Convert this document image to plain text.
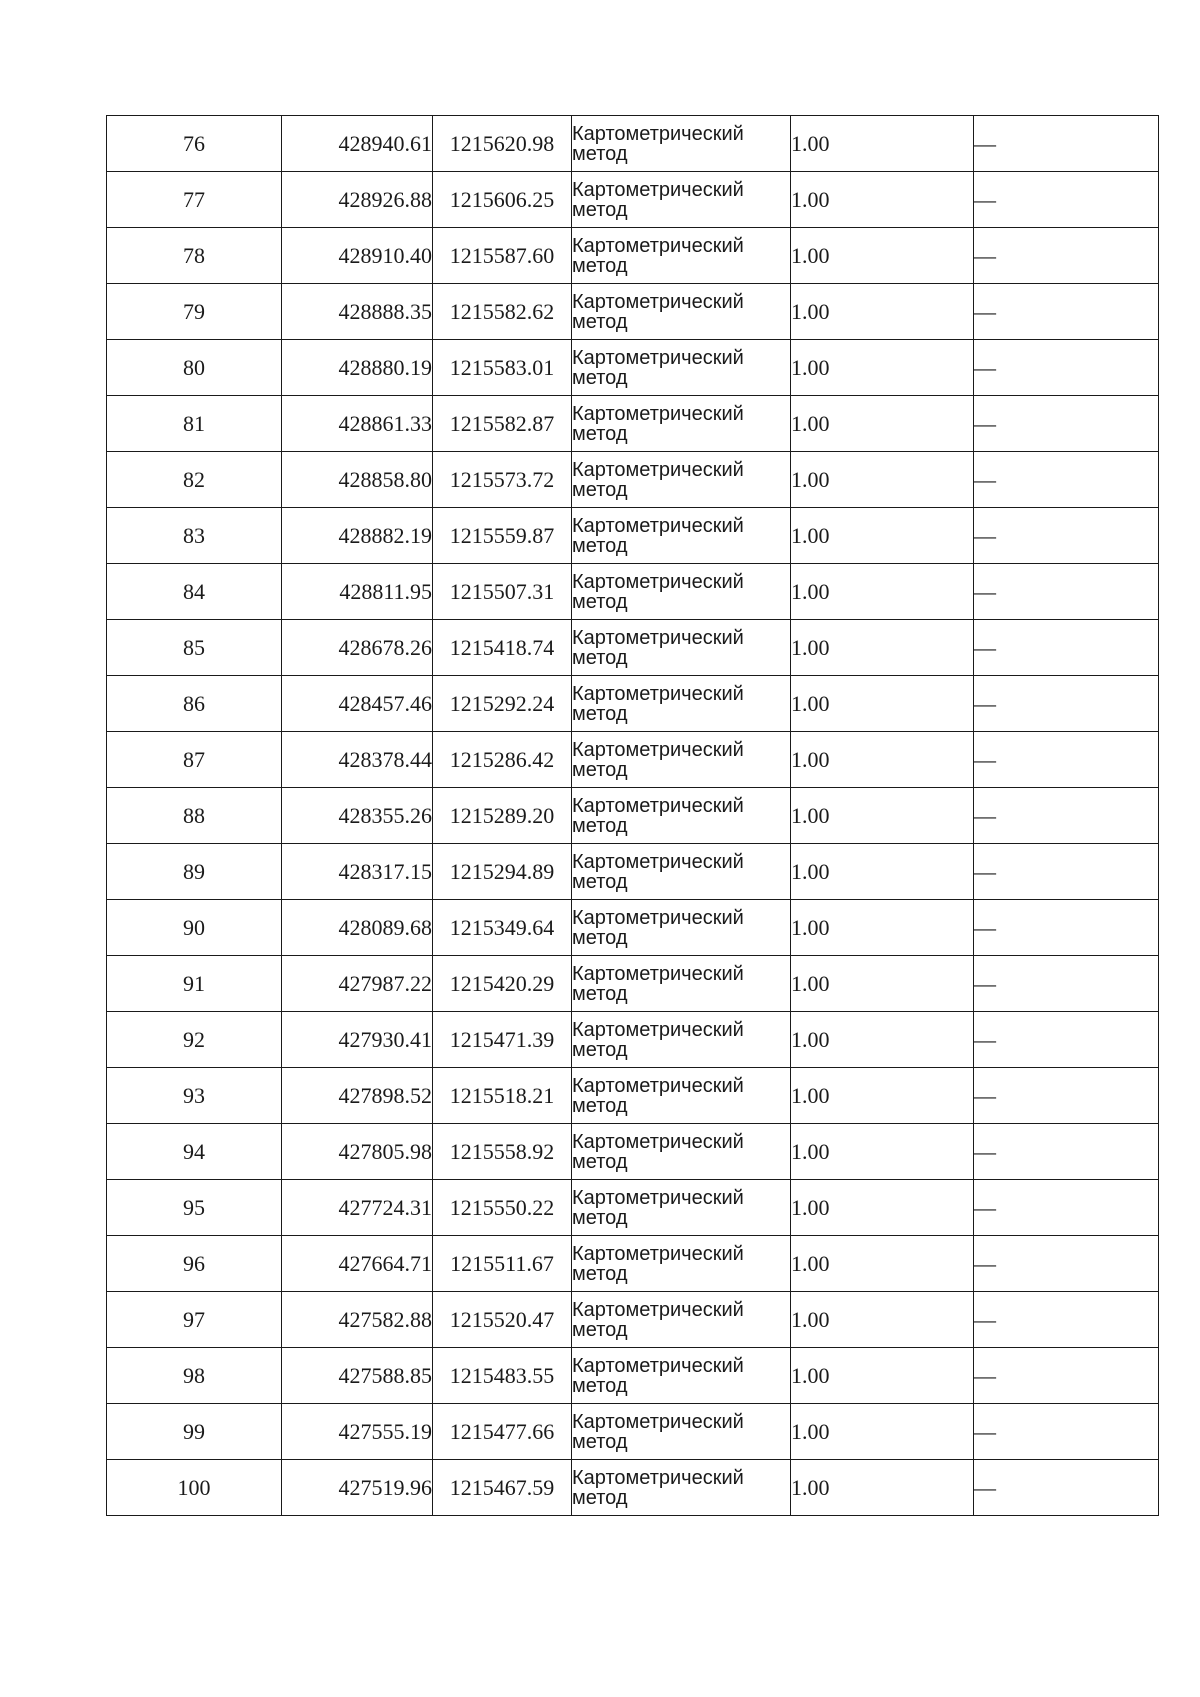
76	428940.61	1215620.98	Картометрический
метод	1.00	—
77	428926.88	1215606.25	Картометрический
метод	1.00	—
78	428910.40	1215587.60	Картометрический
метод	1.00	—
79	428888.35	1215582.62	Картометрический
метод	1.00	—
80	428880.19	1215583.01	Картометрический
метод	1.00	—
81	428861.33	1215582.87	Картометрический
метод	1.00	—
82	428858.80	1215573.72	Картометрический
метод	1.00	—
83	428882.19	1215559.87	Картометрический
метод	1.00	—
84	428811.95	1215507.31	Картометрический
метод	1.00	—
85	428678.26	1215418.74	Картометрический
метод	1.00	—
86	428457.46	1215292.24	Картометрический
метод	1.00	—
87	428378.44	1215286.42	Картометрический
метод	1.00	—
88	428355.26	1215289.20	Картометрический
метод	1.00	—
89	428317.15	1215294.89	Картометрический
метод	1.00	—
90	428089.68	1215349.64	Картометрический
метод	1.00	—
91	427987.22	1215420.29	Картометрический
метод	1.00	—
92	427930.41	1215471.39	Картометрический
метод	1.00	—
93	427898.52	1215518.21	Картометрический
метод	1.00	—
94	427805.98	1215558.92	Картометрический
метод	1.00	—
95	427724.31	1215550.22	Картометрический
метод	1.00	—
96	427664.71	1215511.67	Картометрический
метод	1.00	—
97	427582.88	1215520.47	Картометрический
метод	1.00	—
98	427588.85	1215483.55	Картометрический
метод	1.00	—
99	427555.19	1215477.66	Картометрический
метод	1.00	—
100	427519.96	1215467.59	Картометрический
метод	1.00	—
